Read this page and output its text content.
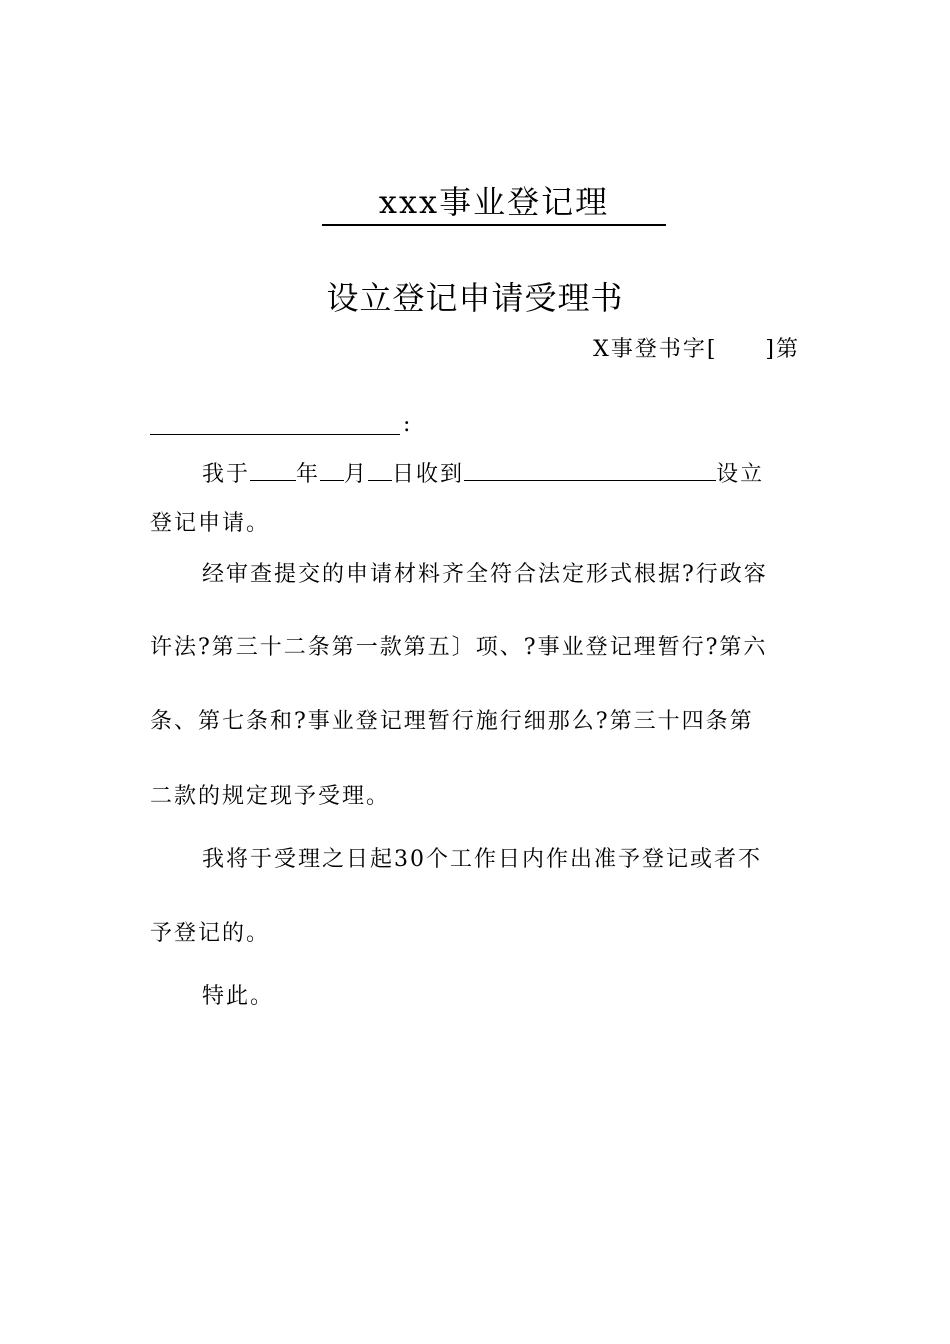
xxx事业登记理
设立登记申请受理书
X事登书字[　　]第
:
我于 年 月 日收到	设立
登记申请。
经审查提交的申请材料齐全符合法定形式根据?行政容
许法?第三十二条第一款第五〕项、?事业登记理暂行?第六
条、第七条和?事业登记理暂行施行细那么?第三十四条第
二款的规定现予受理。
我将于受理之日起30个工作日内作出准予登记或者不
予登记的。
特此。
